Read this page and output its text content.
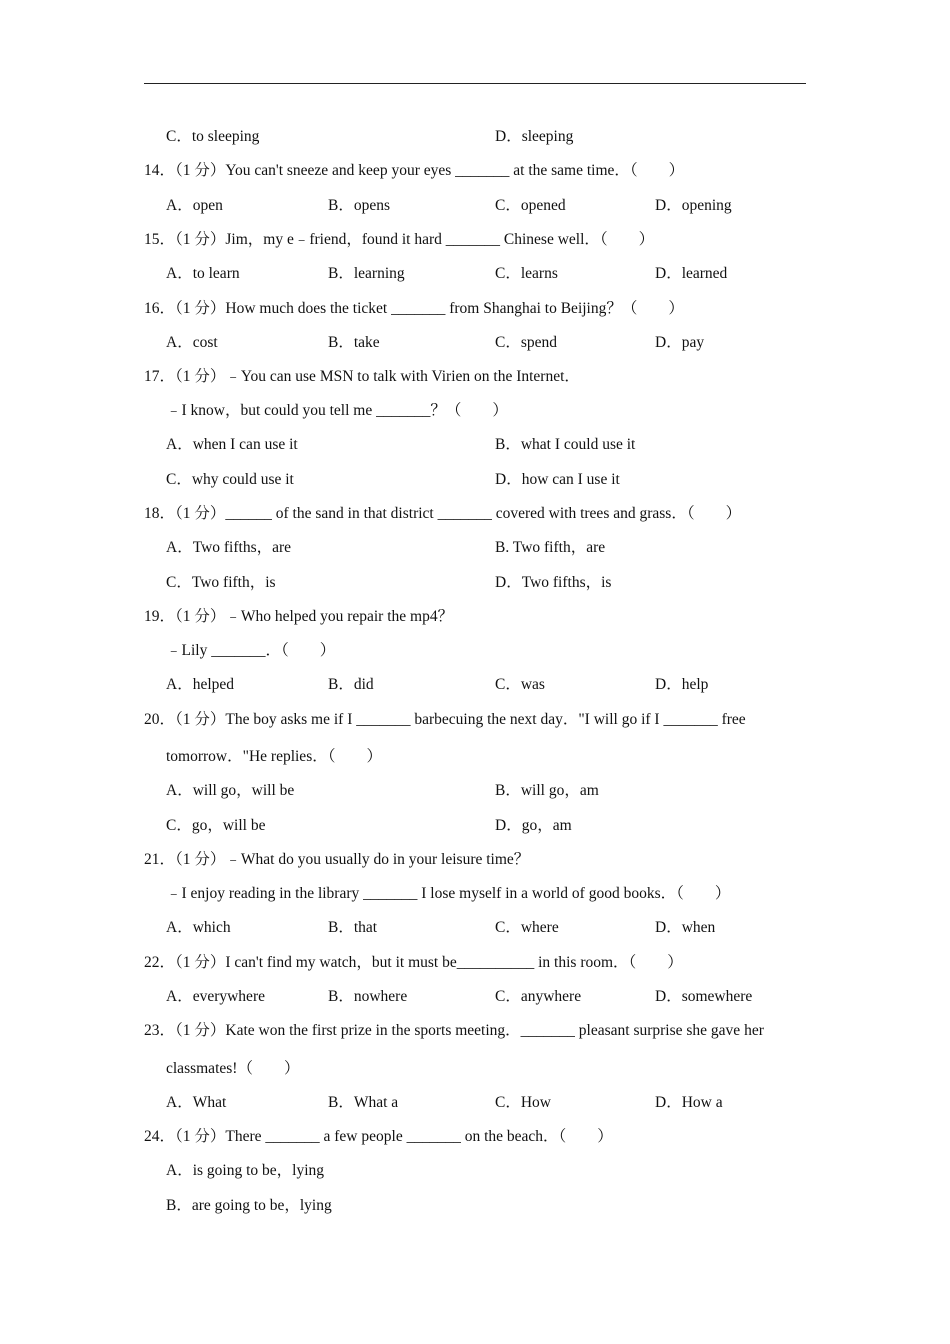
C．to sleeping	D．sleeping
14．（1 分）You can't sneeze and keep your eyes _______ at the same time．（　　）
A．open	B．opens	C．opened	D．opening
15．（1 分）Jim，my e﹣friend，found it hard _______ Chinese well．（　　）
A．to learn	B．learning	C．learns	D．learned
16．（1 分）How much does the ticket _______ from Shanghai to Beijing？（　　）
A．cost	B．take	C．spend	D．pay
17．（1 分）﹣You can use MSN to talk with Virien on the Internet．
﹣I know，but could you tell me _______？（　　）
A．when I can use it	B．what I could use it
C．why could use it	D．how can I use it
18．（1 分）______ of the sand in that district _______ covered with trees and grass．（　　）
A．Two fifths，are	B. Two fifth，are
C．Two fifth，is	D．Two fifths，is
19．（1 分）﹣Who helped you repair the mp4？
﹣Lily _______．（　　）
A．helped	B．did	C．was	D．help
20．（1 分）The boy asks me if I _______ barbecuing the next day．"I will go if I _______ free
tomorrow．"He replies．（　　）
A．will go，will be	B．will go，am
C．go，will be	D．go，am
21．（1 分）﹣What do you usually do in your leisure time？
﹣I enjoy reading in the library _______ I lose myself in a world of good books．（　　）
A．which	B．that	C．where	D．when
22．（1 分）I can't find my watch，but it must be__________ in this room．（　　）
A．everywhere	B．nowhere	C．anywhere	D．somewhere
23．（1 分）Kate won the first prize in the sports meeting．_______ pleasant surprise she gave her
classmates!（　　）
A．What	B．What a	C．How	D．How a
24．（1 分）There _______ a few people _______ on the beach．（　　）
A．is going to be，lying
B．are going to be，lying
